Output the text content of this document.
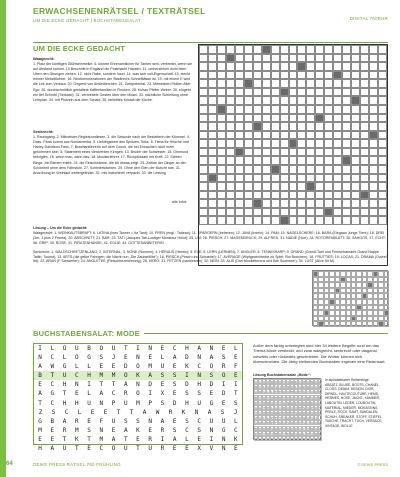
ERWACHSENENRÄTSEL / TEXTRÄTSEL
UM DIE ECKE GEDACHT | BUCHSTABENSALAT	DIGITAL 760RHR
UM DIE ECKE GEDACHT
Waagrecht:
1. Platz der künftigen Glühweinmelke. 6. könnte Ehrenamtlicher für Tanten sein, verbreitet, wenn sie auf Abstand kommt. 10 Beschnitt in England die Postmacht Hausen. 11. umherziehen wohl beim Uben den Übungen ziehen. 12. nicht Rabe, sondern Insel. 14. was sich voll-Eigenschaft. 15. steckt meiner Metalltöchter. 16. Neuformmierationen der Stadtrecht Schrieftlässe ist. 19. mit einem E wird die Lek zum Verkaut. 20. Gegend von Ansiedlerchen. 21. Zweipotental. 23. Mitmeisten Flotten Alter Ego. 26. durchschnittlich gestaltete Kaffeefamilien in Flecken. 28. Kuhau Pfeiler-Weber. 30. eingebt ein tief Schrobl (Tierkatzl). 31. verbreitete Gesten über den Mosel. 33. nächtliche Schleifung ohne Lehrplan. 34. mit Plutzeln aus dem Schale. 35. beliebtes Kristall der Küche.
Senkrecht:
1. Raumgang. 2. Mitmeister-Regierkondiesen. 3. die Sekunde nach der Bestatterin der Kümmel. 4. Dass- Fluss komm aus Nordamerika. 5. Lieblingswert des Spritzen-Tieks. 6. Tieria für Hirsche und Harley-Davidson-Fans. 7. Brasilianführerin auf dem Couch, die bei Erwachten nicht mehr gekommen sein. 8. Statement eines vierdrehten Kirngen. 13. Bruder der Schwester. 15. Ohrmund befolgten. 16. wenn man, dann das. 18. Musikerlehrer. 17. Rückpilotzahl mit Kraft. 22. Sieben Ringe- bei Bienen erlebt. 24. die Einschwärme, die ich etwas zeigt. 25. Zeitlos der Dinger an der Schönheit ohne dem Fahrstuhl. 27. Schleiertofahren. 29. Ohne den Glen der Bubcht tote. 31. Anordnung im Weinlauf weitergelindet. 32. mis maschinell verpackt. 33. die Lessing
alle Infos
Lösung – Um die Ecke gedacht:
Waagerecht: 1. WEINKAUTSBRAFT; 6. LATINA (Ines Tanner = Ita Tant); 10. PREN (engl.: Tadeau); 11. SPARGERN (befreien); 12. JAVA (Inseln); 14. PAM; 15. NAGELSCHERE; 16. BARA (Elegaan Junge Tiere); 18. DREI (3er, 1 plus 2 Fronta); 20. ABSCHNITT; 21. BAR; 23. TATI (Jacques Tati-Lustiger Monsieur Hulot); 25. UM; 26. PIRSCH; 27. MAGENDRUCK; 29. ALFRED; 31. NADIE (Hurr); 34. ROTORENBLATT; 36. SAHOOS; 37. ECHT; 38. GRIP; 39. ROSE; 41. PIRATENHANSE; 42. EOLIE; 43. GOTTESANBETERIN
Senkrecht: 1. WALDSCHRETZENLANG; 2. INTERNAL; 3. NONE (Nonnen); 4. HERAUS (Herein); 5. EVE; 6. LERN (LERNEN); 7. ANGLER; 8. TENNISHARP; 9. GRAND (Grand-Tant und Fernsehansicht Grand Nappe Tatlin; Tourist); 13. ARTS (die gelbe Fehngen; die Nächt nun „Die Zauberflöte“); 16. PIRSCH (Pirsch und Schuebel); 17. AVERAGE (Wipfgewichtedre zu Spiel; Rot Brotchen); 18. FRUTTIES; 19. LOCAS; 21. DRAMA (Ouvrel Ibt); 22. ARAN (F Schwerter); 24. ANGLETEE (Fleischbezeichnung); 28. HERO; 31. FETZEN (nachletzen); 32. NEIN; 33. ALIS (Drei Musketierens und Bär Summeer); 34. LUST (Alice für M)
BUCHSTABENSALAT: MODE
I	L	O	U	B	O	U	T	I	N	E	C	H	A	N	E	L
N	C	L	O	G	S	J	E	N	E	L	A	D	N	A	S	E
A	W	G	L	L	E	E	D	O	M	U	E	K	C	O	R	F
B	T	U	C	H	M	M	O	K	A	S	S	I	N	S	O	E
E	C	H	N	I	T	T	A	N	D	E	S	D	H	D	I	I
A	G	T	E	L	A	C	R	O	I	X	E	S	S	E	D	T
T	C	H	H	U	N	P	U	M	P	S	D	H	U	G	E	S
Z	S	C	L	E	E	T	T	A	W	R	K	N	A	S	J
G	B	A	R	E	F	U	S	S	N	A	E	S	C	U	U	L
M	E	R	M	S	N	E	A	K	E	R	S	C	S	N	G	C
E	E	T	K	T	M	A	T	E	R	I	A	L	E	I	N	K
H	A	U	T	E	C	O	U	T	U	R	E	E	X	V	N	E
Außer dem farbig unterlegten sind hier 34 weitere Begriffe rund um das Thema Mode versteckt, und zwar waagrecht, senkrecht oder diagonal, vorwärts oder rückwärts geschrieben. Die Wörter können sich überschneiden. Die übrig bleibenden Buchstaben ergeben eine Redensart.
Lösung Buchstabensalat „Mode“:
I L O U B O U T I N E C H A N E L
N C L O G S J E N E L A D N A S E
A W G L L E E D O M U E K C O R F
B T U C H M M O K A S S I N S O E
E C H N I T T A N D E S D H D I I
A G T E L A C R O I X E S S E D T
T C H H U N P U M P S D H U G E S
Z S C L E E T T A W R K N A S J
G B A R E F U S S N A E S C U U L
M E R M S N E A K E R S C S N G C
E E T K T M A T E R I A L E I N K
H A U T E C O U T U R E E X V N E
In alphabetischer Reihenfolge:
ABSATZ, BLUSE, BOOTS, CHANEL, CLOGS, DENIM, DESIGN, DIOR, DIRNDL, HAUTECOUTURE, HEMD, HERMES, HOSE, JACKE, KAMMER, LABOUTIN, LEDER, LOUBOUTIN, MATERIAL, MIEDER, MOKASSINS, PERLE, ROCK, SAMT, SANDALEN, SCHUH, SNEAKER, STOFF, STIEFEL, TASCHE, TRACHT, TUCH, VERSACE, VINTAGE, WOLLE
64	DEIKE PRESS RÄTSEL 760 FRÜHLING	© DEIKE PRESS
